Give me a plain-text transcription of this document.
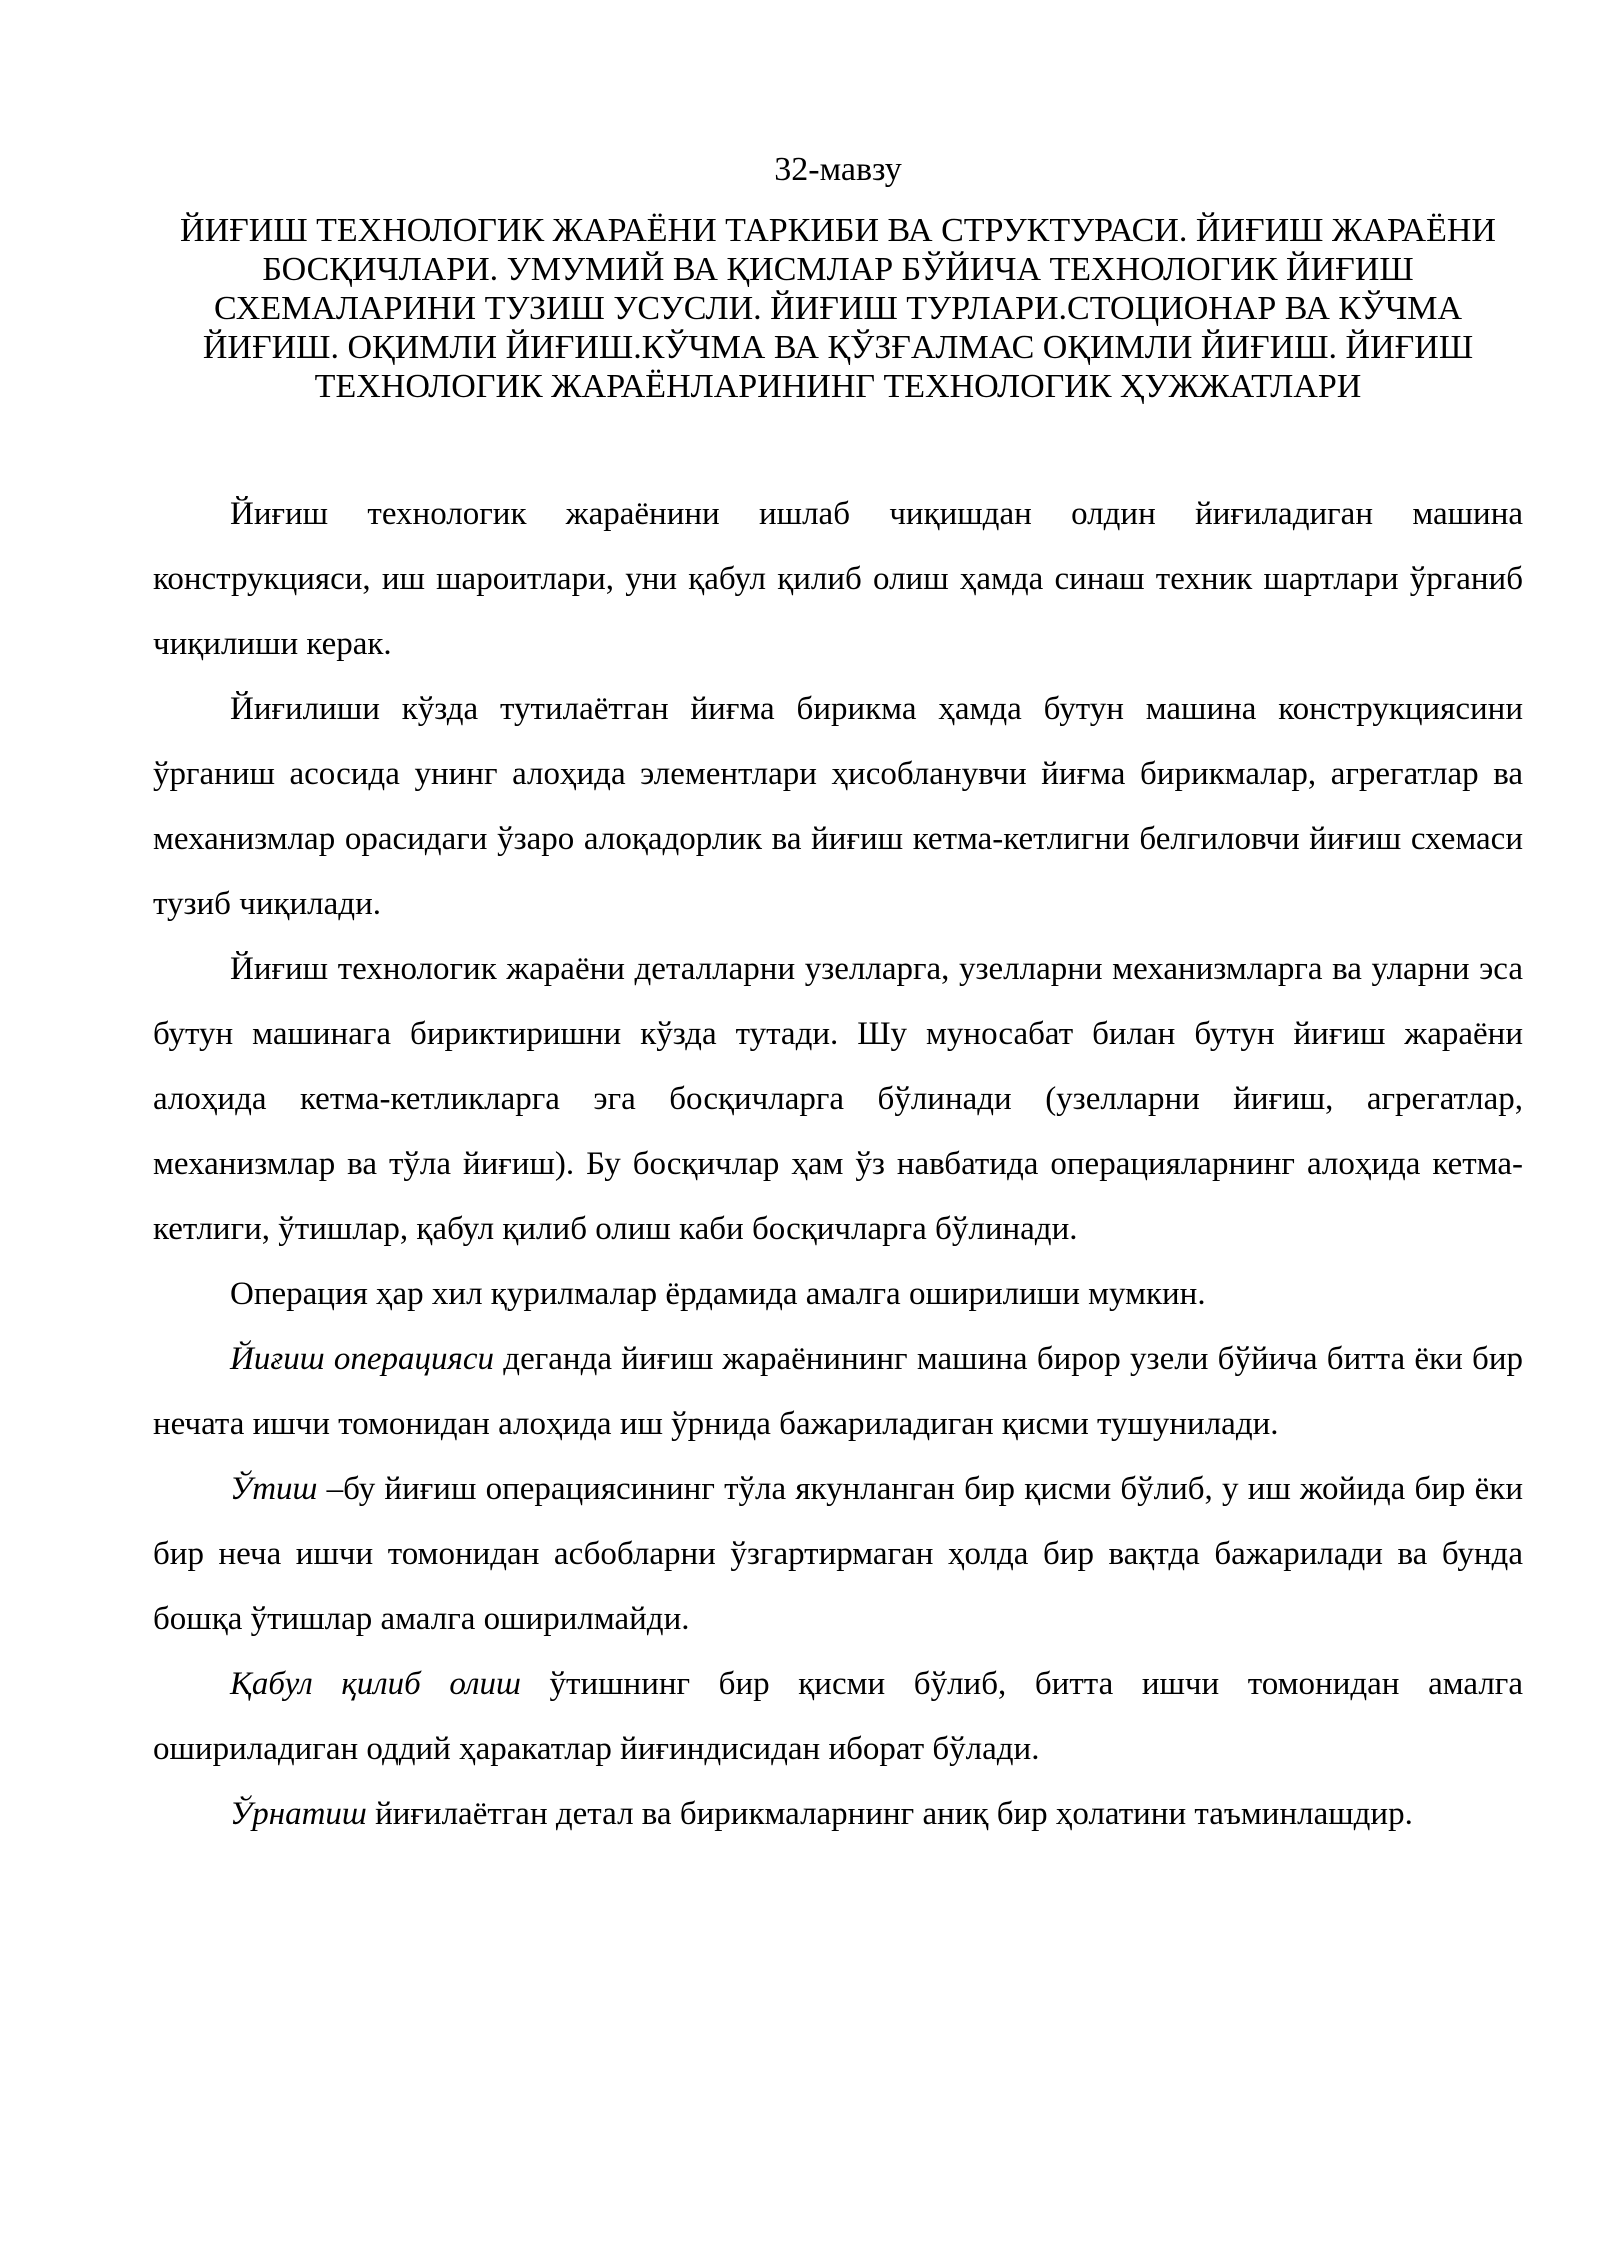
32-мавзу
ЙИҒИШ ТЕХНОЛОГИК ЖАРАЁНИ ТАРКИБИ ВА СТРУКТУРАСИ. ЙИҒИШ ЖАРАЁНИ БОСҚИЧЛАРИ. УМУМИЙ ВА ҚИСМЛАР БЎЙИЧА ТЕХНОЛОГИК ЙИҒИШ СХЕМАЛАРИНИ ТУЗИШ УСУСЛИ. ЙИҒИШ ТУРЛАРИ.СТОЦИОНАР ВА КЎЧМА ЙИҒИШ. ОҚИМЛИ ЙИҒИШ.КЎЧМА ВА ҚЎЗҒАЛМАС ОҚИМЛИ ЙИҒИШ. ЙИҒИШ ТЕХНОЛОГИК ЖАРАЁНЛАРИНИНГ ТЕХНОЛОГИК ҲУЖЖАТЛАРИ

Йиғиш технологик жараёнини ишлаб чиқишдан олдин йиғиладиган машина конструкцияси, иш шароитлари, уни қабул қилиб олиш ҳамда синаш техник шартлари ўрганиб чиқилиши керак.

Йиғилиши кўзда тутилаётган йиғма бирикма ҳамда бутун машина конструкциясини ўрганиш асосида унинг алоҳида элементлари ҳисобланувчи йиғма бирикмалар, агрегатлар ва механизмлар орасидаги ўзаро алоқадорлик ва йиғиш кетма-кетлигни белгиловчи йиғиш схемаси тузиб чиқилади.

Йиғиш технологик жараёни деталларни узелларга, узелларни механизмларга ва уларни эса бутун машинага бириктиришни кўзда тутади. Шу муносабат билан бутун йиғиш жараёни алоҳида кетма-кетликларга эга босқичларга бўлинади (узелларни йиғиш, агрегатлар, механизмлар ва тўла йиғиш). Бу босқичлар ҳам ўз навбатида операцияларнинг алоҳида кетма-кетлиги, ўтишлар, қабул қилиб олиш каби босқичларга бўлинади.

Операция ҳар хил қурилмалар ёрдамида амалга оширилиши мумкин.

Йиғиш операцияси деганда йиғиш жараёнининг машина бирор узели бўйича битта ёки бир нечата ишчи томонидан алоҳида иш ўрнида бажариладиган қисми тушунилади.

Ўтиш –бу йиғиш операциясининг тўла якунланган бир қисми бўлиб, у иш жойида бир ёки бир неча ишчи томонидан асбобларни ўзгартирмаган ҳолда бир вақтда бажарилади ва бунда бошқа ўтишлар амалга оширилмайди.

Қабул қилиб олиш ўтишнинг бир қисми бўлиб, битта ишчи томонидан амалга ошириладиган оддий ҳаракатлар йиғиндисидан иборат бўлади.

Ўрнатиш йиғилаётган детал ва бирикмаларнинг аниқ бир ҳолатини таъминлашдир.
